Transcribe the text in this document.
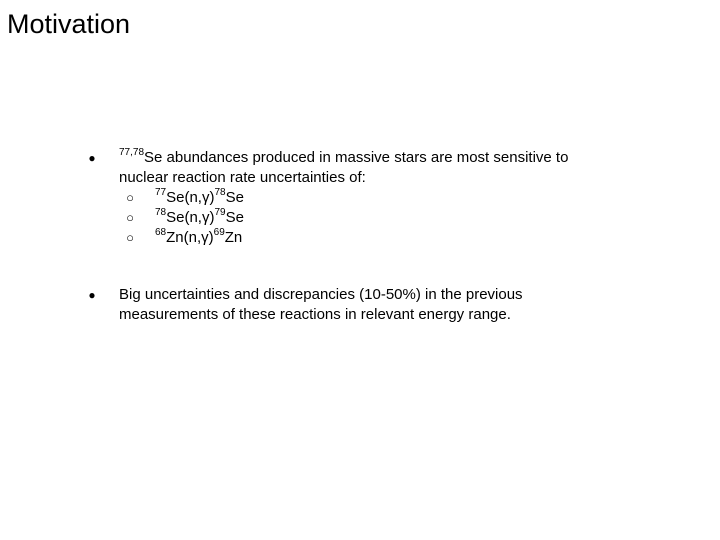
Motivation
● $^{77,78}$Se abundances produced in massive stars are most sensitive to
nuclear reaction rate uncertainties of:
○ $^{77}Se(n,\gamma)^{78}Se$
○ $^{78}Se(n,\gamma)^{79}Se$
○ $^{68}Zn(n,\gamma)^{69}Zn$
● Big uncertainties and discrepancies (10-50%) in the previous
measurements of these reactions in relevant energy range.
